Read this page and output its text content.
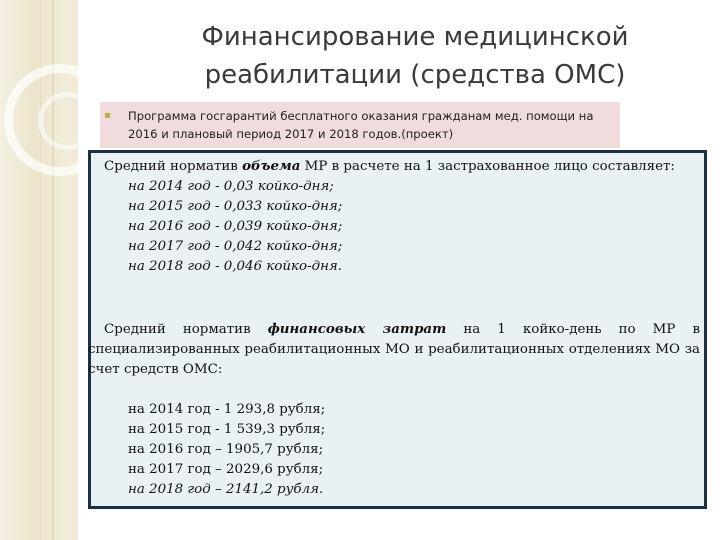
Финансирование медицинской
реабилитации (средства ОМС)
▪ Программа госгарантий бесплатного оказания гражданам мед. помощи на 2016 и плановый период 2017 и 2018 годов.(проект)

Средний норматив объема МР в расчете на 1 застрахованное лицо составляет:

на 2014 год - 0,03 койко-дня;
на 2015 год - 0,033 койко-дня;
на 2016 год - 0,039 койко-дня;
на 2017 год - 0,042 койко-дня;
на 2018 год - 0,046 койко-дня.

Средний норматив финансовых затрат на 1 койко-день по МР в специализированных реабилитационных МО и реабилитационных отделениях МО за счет средств ОМС:

на 2014 год - 1 293,8 рубля;
на 2015 год - 1 539,3 рубля;
на 2016 год – 1905,7 рубля;
на 2017 год – 2029,6 рубля;
на 2018 год – 2141,2 рубля.
